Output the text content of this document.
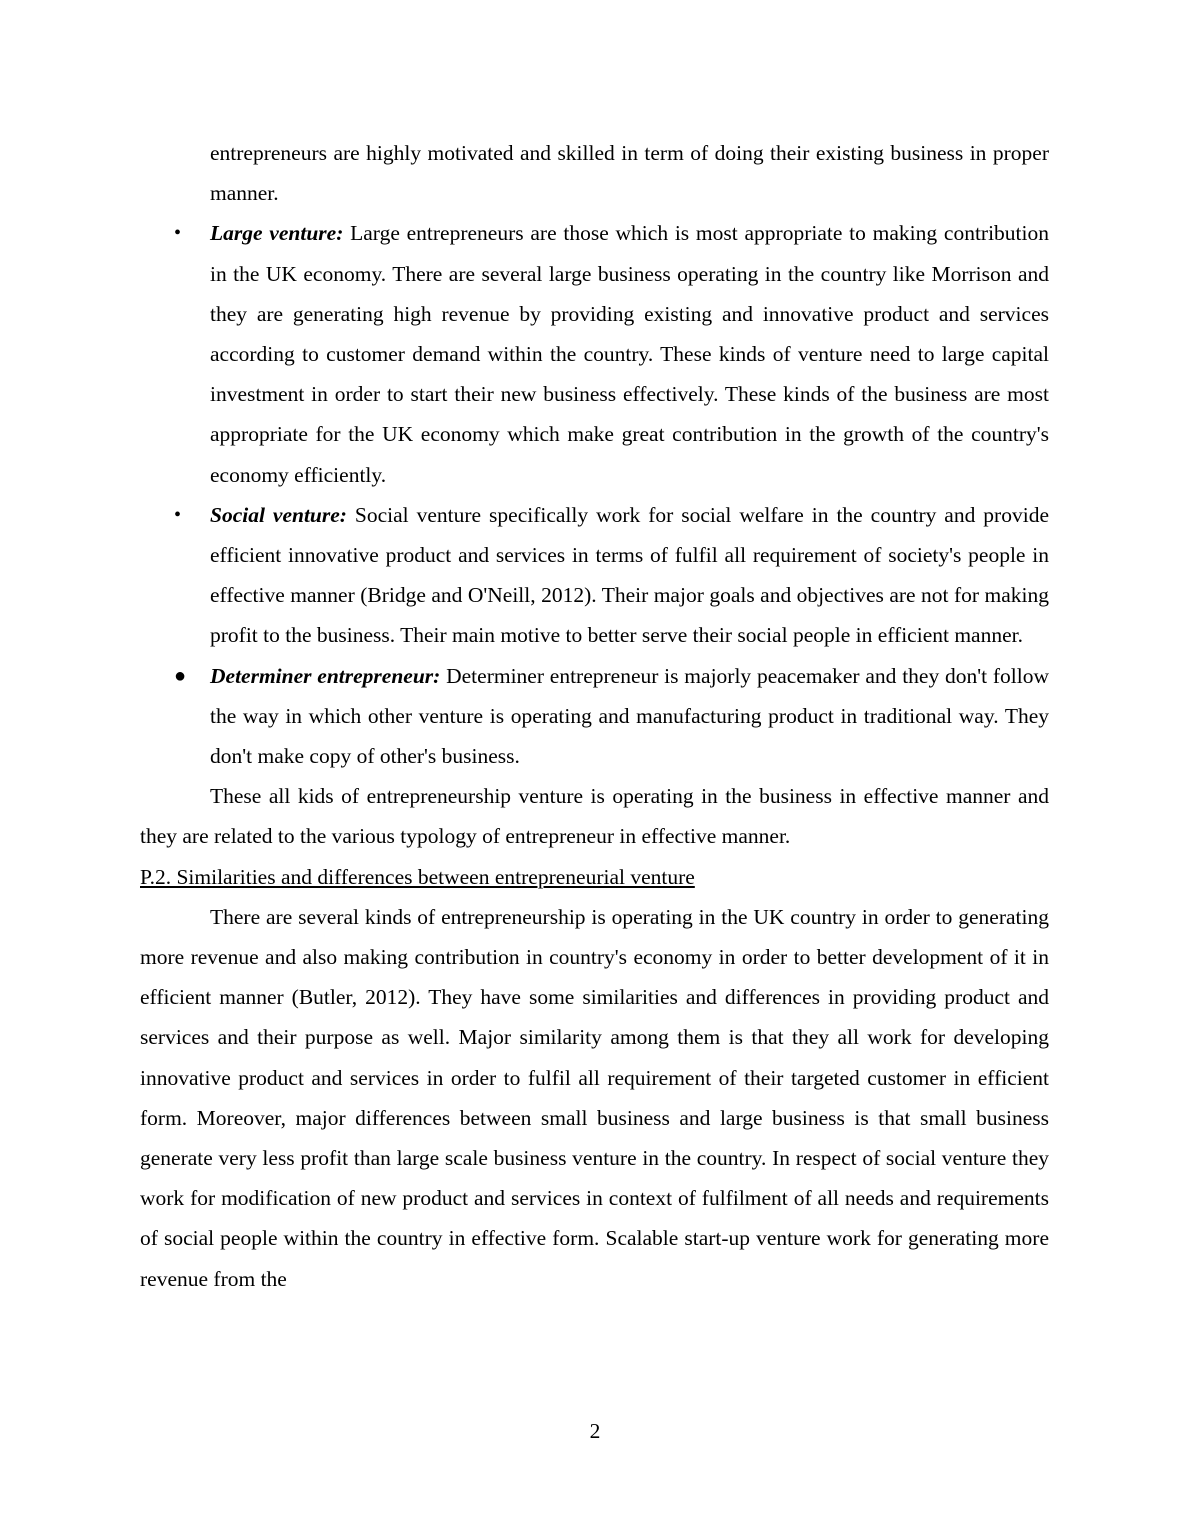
entrepreneurs are highly motivated and skilled in term of doing their existing business in proper manner.

• Large venture: Large entrepreneurs are those which is most appropriate to making contribution in the UK economy. There are several large business operating in the country like Morrison and they are generating high revenue by providing existing and innovative product and services according to customer demand within the country. These kinds of venture need to large capital investment in order to start their new business effectively. These kinds of the business are most appropriate for the UK economy which make great contribution in the growth of the country's economy efficiently.
• Social venture: Social venture specifically work for social welfare in the country and provide efficient innovative product and services in terms of fulfil all requirement of society's people in effective manner (Bridge and O'Neill, 2012). Their major goals and objectives are not for making profit to the business. Their main motive to better serve their social people in efficient manner.
● Determiner entrepreneur: Determiner entrepreneur is majorly peacemaker and they don't follow the way in which other venture is operating and manufacturing product in traditional way. They don't make copy of other's business.

These all kids of entrepreneurship venture is operating in the business in effective manner and they are related to the various typology of entrepreneur in effective manner.

P.2. Similarities and differences between entrepreneurial venture

There are several kinds of entrepreneurship is operating in the UK country in order to generating more revenue and also making contribution in country's economy in order to better development of it in efficient manner (Butler, 2012). They have some similarities and differences in providing product and services and their purpose as well. Major similarity among them is that they all work for developing innovative product and services in order to fulfil all requirement of their targeted customer in efficient form. Moreover, major differences between small business and large business is that small business generate very less profit than large scale business venture in the country. In respect of social venture they work for modification of new product and services in context of fulfilment of all needs and requirements of social people within the country in effective form. Scalable start-up venture work for generating more revenue from the

2
